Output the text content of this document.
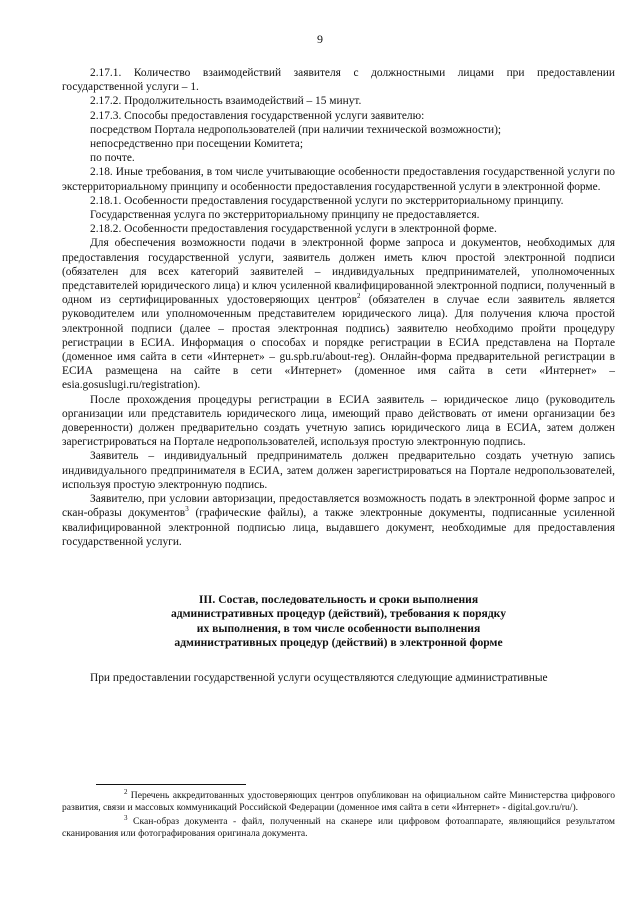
9

2.17.1. Количество взаимодействий заявителя с должностными лицами при предоставлении государственной услуги – 1.

2.17.2. Продолжительность взаимодействий – 15 минут.

2.17.3. Способы предоставления государственной услуги заявителю:

посредством Портала недропользователей (при наличии технической возможности);

непосредственно при посещении Комитета;

по почте.

2.18. Иные требования, в том числе учитывающие особенности предоставления государственной услуги по экстерриториальному принципу и особенности предоставления государственной услуги в электронной форме.

2.18.1. Особенности предоставления государственной услуги по экстерриториальному принципу.

Государственная услуга по экстерриториальному принципу не предоставляется.

2.18.2. Особенности предоставления государственной услуги в электронной форме.

Для обеспечения возможности подачи в электронной форме запроса и документов, необходимых для предоставления государственной услуги, заявитель должен иметь ключ простой электронной подписи (обязателен для всех категорий заявителей – индивидуальных предпринимателей, уполномоченных представителей юридического лица) и ключ усиленной квалифицированной электронной подписи, полученный в одном из сертифицированных удостоверяющих центров$^2$ (обязателен в случае если заявитель является руководителем или уполномоченным представителем юридического лица). Для получения ключа простой электронной подписи (далее – простая электронная подпись) заявителю необходимо пройти процедуру регистрации в ЕСИА. Информация о способах и порядке регистрации в ЕСИА представлена на Портале (доменное имя сайта в сети «Интернет» – gu.spb.ru/about-reg). Онлайн-форма предварительной регистрации в ЕСИА размещена на сайте в сети «Интернет» (доменное имя сайта в сети «Интернет» – esia.gosuslugi.ru/registration).

После прохождения процедуры регистрации в ЕСИА заявитель – юридическое лицо (руководитель организации или представитель юридического лица, имеющий право действовать от имени организации без доверенности) должен предварительно создать учетную запись юридического лица в ЕСИА, затем должен зарегистрироваться на Портале недропользователей, используя простую электронную подпись.

Заявитель – индивидуальный предприниматель должен предварительно создать учетную запись индивидуального предпринимателя в ЕСИА, затем должен зарегистрироваться на Портале недропользователей, используя простую электронную подпись.

Заявителю, при условии авторизации, предоставляется возможность подать в электронной форме запрос и скан-образы документов$^3$ (графические файлы), а также электронные документы, подписанные усиленной квалифицированной электронной подписью лица, выдавшего документ, необходимые для предоставления государственной услуги.

III. Состав, последовательность и сроки выполнения
административных процедур (действий), требования к порядку
их выполнения, в том числе особенности выполнения
административных процедур (действий) в электронной форме

При предоставлении государственной услуги осуществляются следующие административные

$^2$ Перечень аккредитованных удостоверяющих центров опубликован на официальном сайте Министерства цифрового развития, связи и массовых коммуникаций Российской Федерации (доменное имя сайта в сети «Интернет» - digital.gov.ru/ru/).

$^3$ Скан-образ документа - файл, полученный на сканере или цифровом фотоаппарате, являющийся результатом сканирования или фотографирования оригинала документа.
